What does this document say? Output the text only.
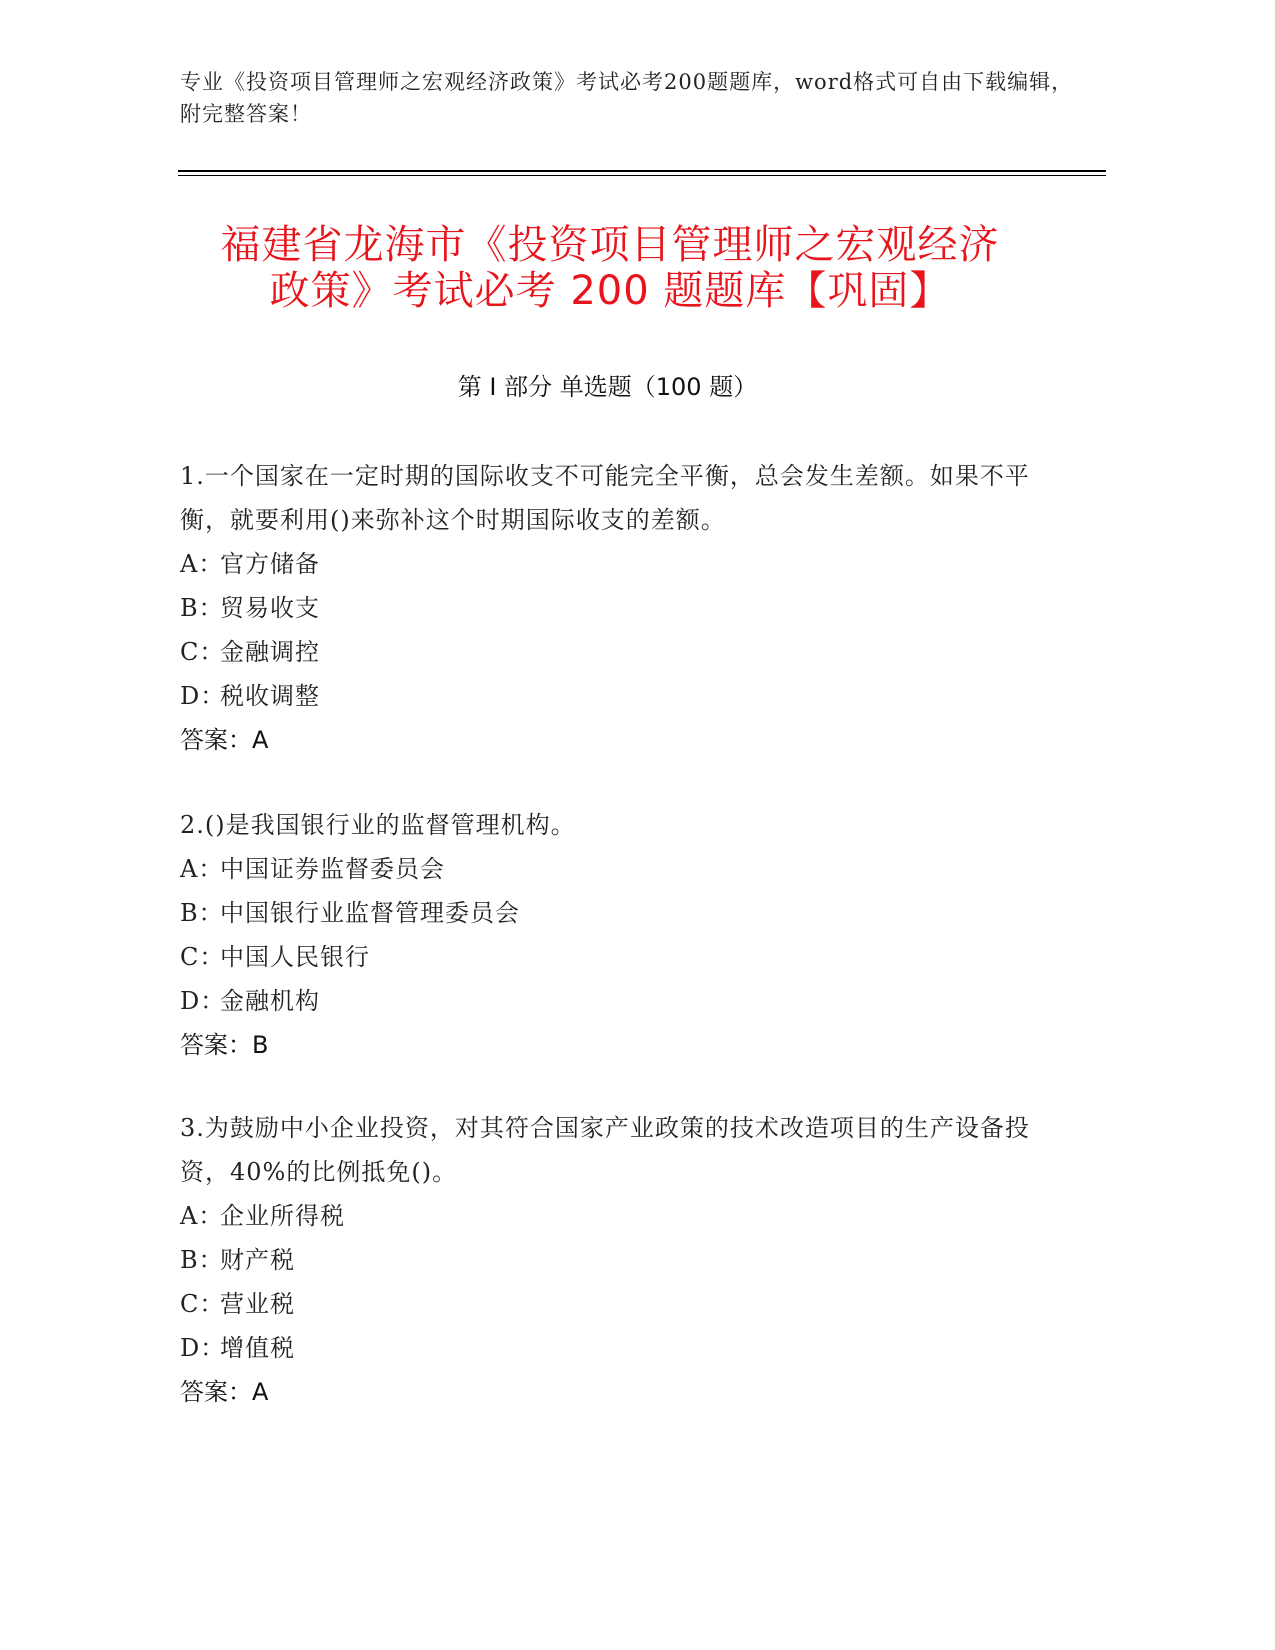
专业《投资项目管理师之宏观经济政策》考试必考200题题库，word格式可自由下载编辑，附完整答案！
福建省龙海市《投资项目管理师之宏观经济
政策》考试必考 200 题题库【巩固】
第 I 部分 单选题（100 题）

1.一个国家在一定时期的国际收支不可能完全平衡，总会发生差额。如果不平衡，就要利用()来弥补这个时期国际收支的差额。

A：官方储备

B：贸易收支

C：金融调控

D：税收调整

答案：A

2.()是我国银行业的监督管理机构。

A：中国证券监督委员会

B：中国银行业监督管理委员会

C：中国人民银行

D：金融机构

答案：B

3.为鼓励中小企业投资，对其符合国家产业政策的技术改造项目的生产设备投资，40%的比例抵免()。

A：企业所得税

B：财产税

C：营业税

D：增值税

答案：A
